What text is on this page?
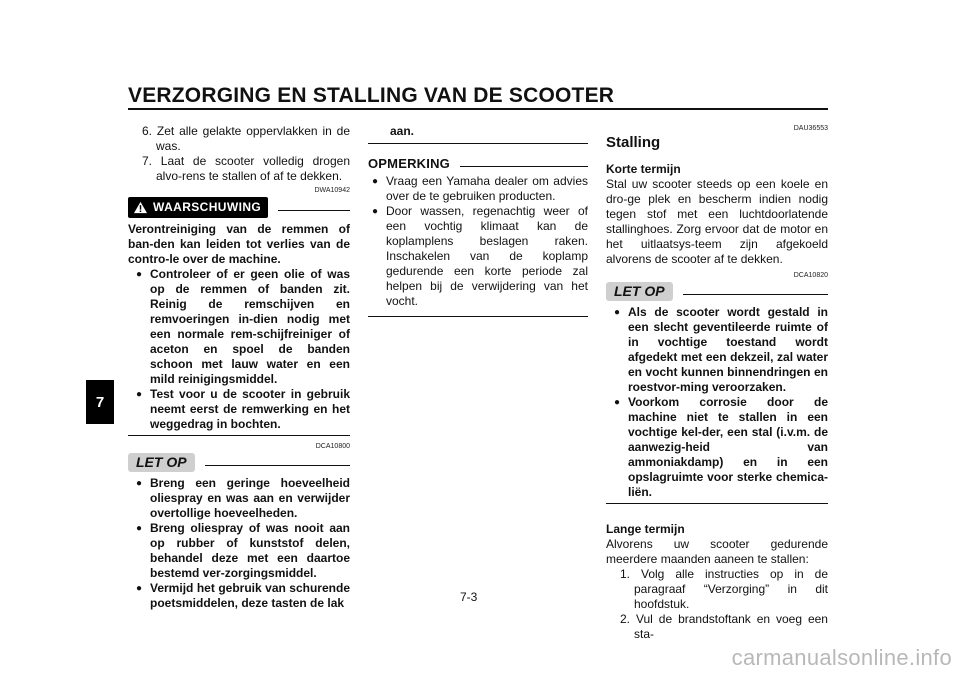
VERZORGING EN STALLING VAN DE SCOOTER
7

6. Zet alle gelakte oppervlakken in de was.

7. Laat de scooter volledig drogen alvo-rens te stallen of af te dekken.

DWA10942
WAARSCHUWING

Verontreiniging van de remmen of ban-den kan leiden tot verlies van de contro-le over de machine.

● Controleer of er geen olie of was op de remmen of banden zit. Reinig de remschijven en remvoeringen in-dien nodig met een normale rem-schijfreiniger of aceton en spoel de banden schoon met lauw water en een mild reinigingsmiddel.
● Test voor u de scooter in gebruik neemt eerst de remwerking en het weggedrag in bochten.
DCA10800
LET OP
● Breng een geringe hoeveelheid oliespray en was aan en verwijder overtollige hoeveelheden.
● Breng oliespray of was nooit aan op rubber of kunststof delen, behandel deze met een daartoe bestemd ver-zorgingsmiddel.
● Vermijd het gebruik van schurende poetsmiddelen, deze tasten de lak

aan.

OPMERKING
● Vraag een Yamaha dealer om advies over de te gebruiken producten.
● Door wassen, regenachtig weer of een vochtig klimaat kan de koplamplens beslagen raken. Inschakelen van de koplamp gedurende een korte periode zal helpen bij de verwijdering van het vocht.
DAU36553

Stalling

Korte termijn

Stal uw scooter steeds op een koele en dro-ge plek en bescherm indien nodig tegen stof met een luchtdoorlatende stallinghoes. Zorg ervoor dat de motor en het uitlaatsys-teem zijn afgekoeld alvorens de scooter af te dekken.

DCA10820
LET OP
● Als de scooter wordt gestald in een slecht geventileerde ruimte of in vochtige toestand wordt afgedekt met een dekzeil, zal water en vocht kunnen binnendringen en roestvor-ming veroorzaken.
● Voorkom corrosie door de machine niet te stallen in een vochtige kel-der, een stal (i.v.m. de aanwezig-heid van ammoniakdamp) en in een opslagruimte voor sterke chemica-liën.

Lange termijn

Alvorens uw scooter gedurende meerdere maanden aaneen te stallen:

1. Volg alle instructies op in de paragraaf “Verzorging” in dit hoofdstuk.

2. Vul de brandstoftank en voeg een sta-

7-3
carmanualsonline.info
